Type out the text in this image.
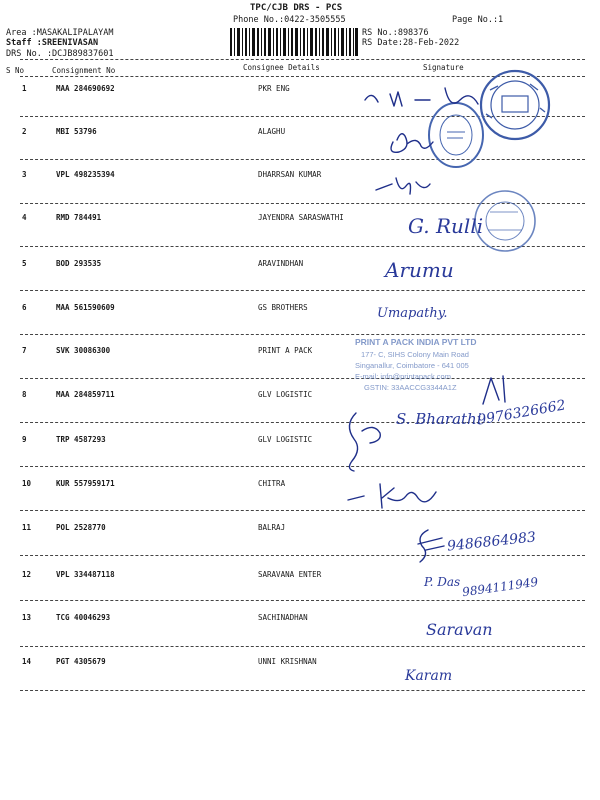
TPC/CJB DRS - PCS
Phone No.:0422-3505555	Page No.:1
Area :MASAKALIPALAYAM
Staff :SREENIVASAN
DRS No. :DCJB89837601
RS No.:898376
RS Date:28-Feb-2022
S No	Consignment No	Consignee Details	Signature
1	MAA 284690692	PKR ENG
2	MBI 53796	ALAGHU
3	VPL 498235394	DHARRSAN KUMAR
4	RMD 784491	JAYENDRA SARASWATHI
5	BOD 293535	ARAVINDHAN
6	MAA 561590609	GS BROTHERS
7	SVK 30086300	PRINT A PACK
8	MAA 284859711	GLV LOGISTIC
9	TRP 4587293	GLV LOGISTIC
10	KUR 557959171	CHITRA
11	POL 2528770	BALRAJ
12	VPL 334487118	SARAVANA ENTER
13	TCG 40046293	SACHINADHAN
14	PGT 4305679	UNNI KRISHNAN
PRINT A PACK INDIA PVT LTD
177- C, SIHS Colony Main Road
Singanallur, Coimbatore - 641 005
E-mail: info@printapack.com
GSTIN: 33AACCG3344A1Z
G. Rulli
Arumu
Umapathy.
S. Bharathi
9976326662
9486864983
P. Das 9894111949
Saravan
Karam
